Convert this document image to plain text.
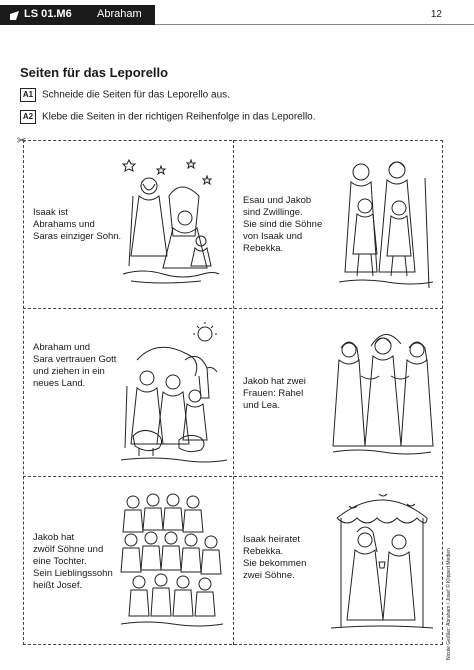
LS 01.M6 Abraham	12
Seiten für das Leporello
A1 Schneide die Seiten für das Leporello aus.
A2 Klebe die Seiten in der richtigen Reihenfolge in das Leporello.
✂
Isaak ist
Abrahams und
Saras einziger Sohn.
Esau und Jakob
sind Zwillinge.
Sie sind die Söhne
von Isaak und
Rebekka.
Abraham und
Sara vertrauen Gott
und ziehen in ein
neues Land.	Jakob hat zwei
Frauen: Rahel
und Lea.
Jakob hat
zwölf Söhne und
eine Tochter.
Sein Lieblingssohn
heißt Josef.
Isaak heiratet
Rebekka.
Sie bekommen
zwei Söhne.	Nicole Geißler: Abraham / Josef © Klippert Medien
